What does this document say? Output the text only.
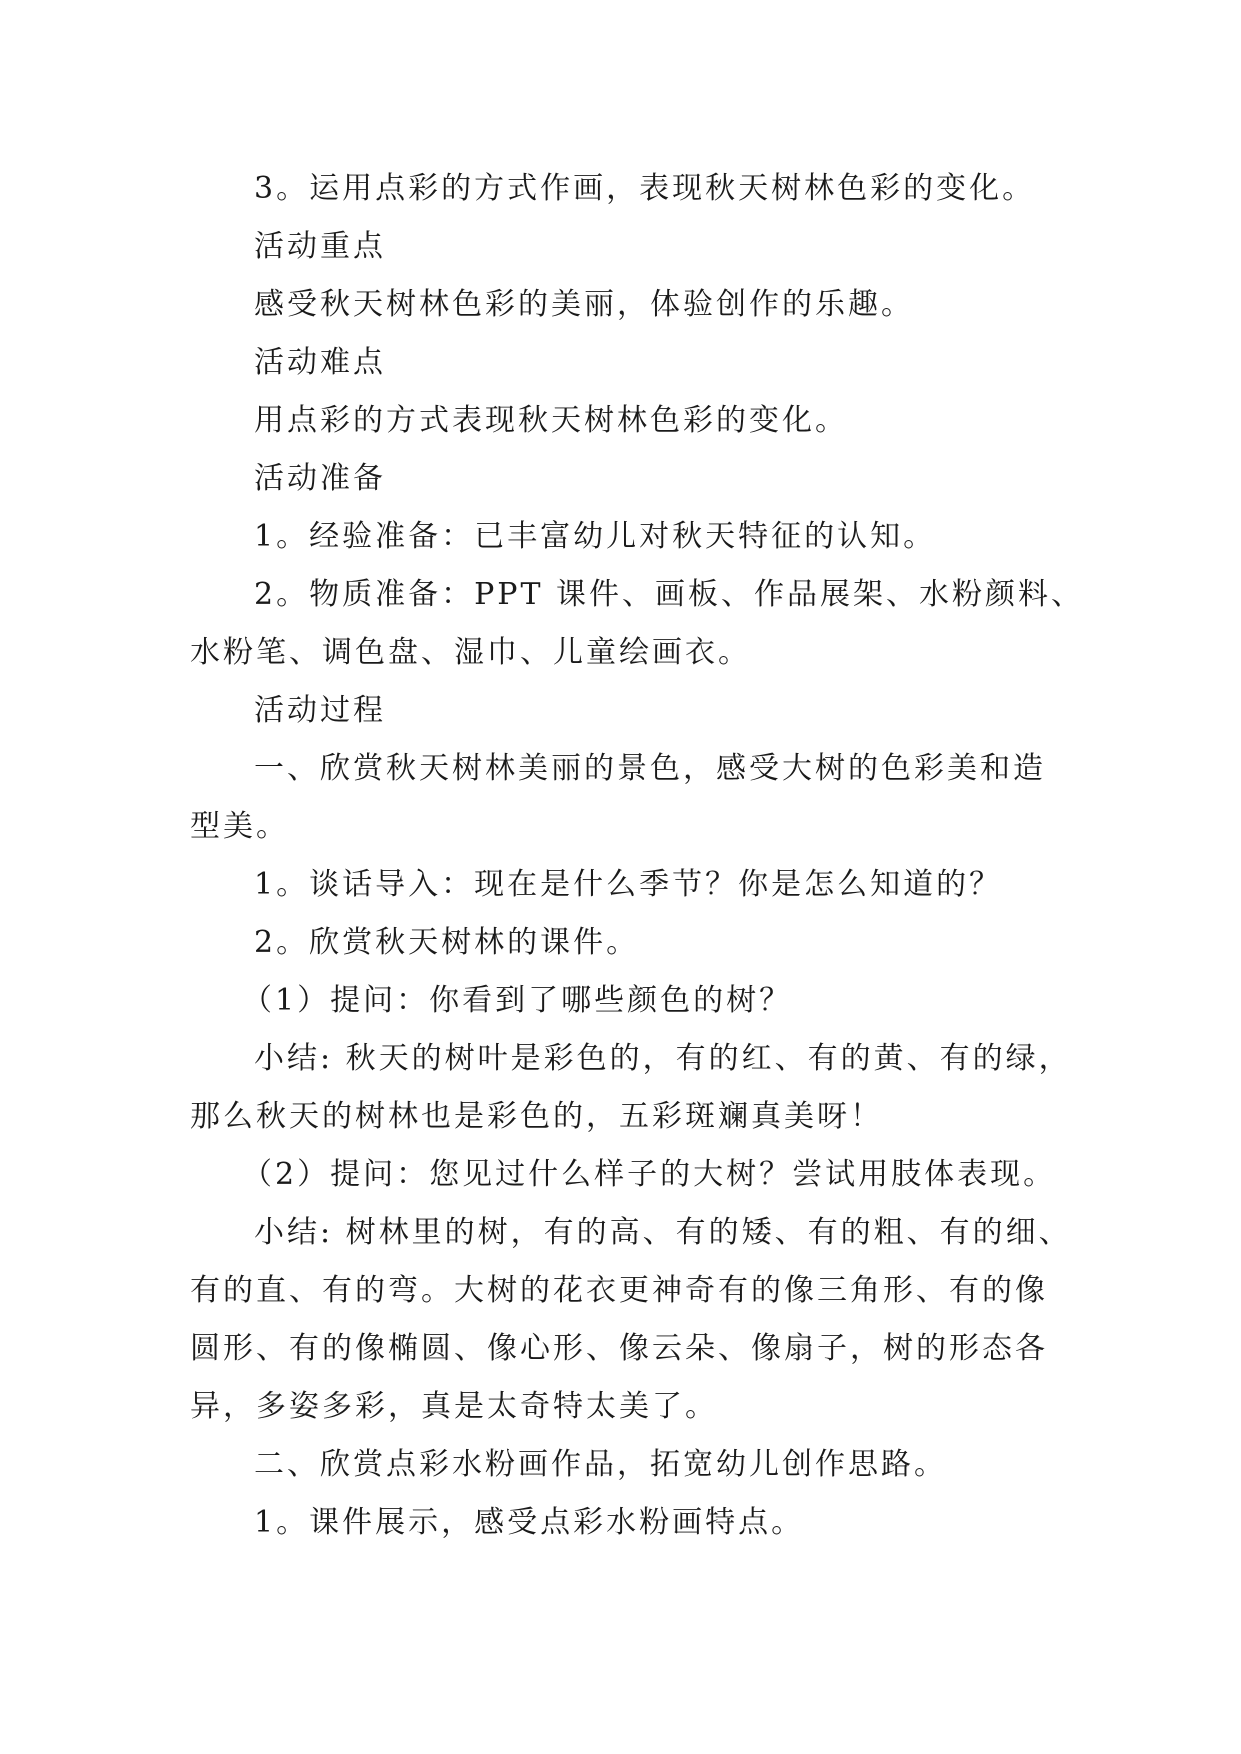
3。运用点彩的方式作画，表现秋天树林色彩的变化。

活动重点

感受秋天树林色彩的美丽，体验创作的乐趣。

活动难点

用点彩的方式表现秋天树林色彩的变化。

活动准备

1。经验准备：已丰富幼儿对秋天特征的认知。

2。物质准备：PPT 课件、画板、作品展架、水粉颜料、

水粉笔、调色盘、湿巾、儿童绘画衣。

活动过程

一、欣赏秋天树林美丽的景色，感受大树的色彩美和造

型美。

1。谈话导入：现在是什么季节？你是怎么知道的？

2。欣赏秋天树林的课件。

（1）提问：你看到了哪些颜色的树？

小结: 秋天的树叶是彩色的，有的红、有的黄、有的绿，

那么秋天的树林也是彩色的，五彩斑斓真美呀！

（2）提问：您见过什么样子的大树？尝试用肢体表现。

小结: 树林里的树，有的高、有的矮、有的粗、有的细、

有的直、有的弯。大树的花衣更神奇有的像三角形、有的像

圆形、有的像椭圆、像心形、像云朵、像扇子，树的形态各

异，多姿多彩，真是太奇特太美了。

二、欣赏点彩水粉画作品，拓宽幼儿创作思路。

1。课件展示，感受点彩水粉画特点。
